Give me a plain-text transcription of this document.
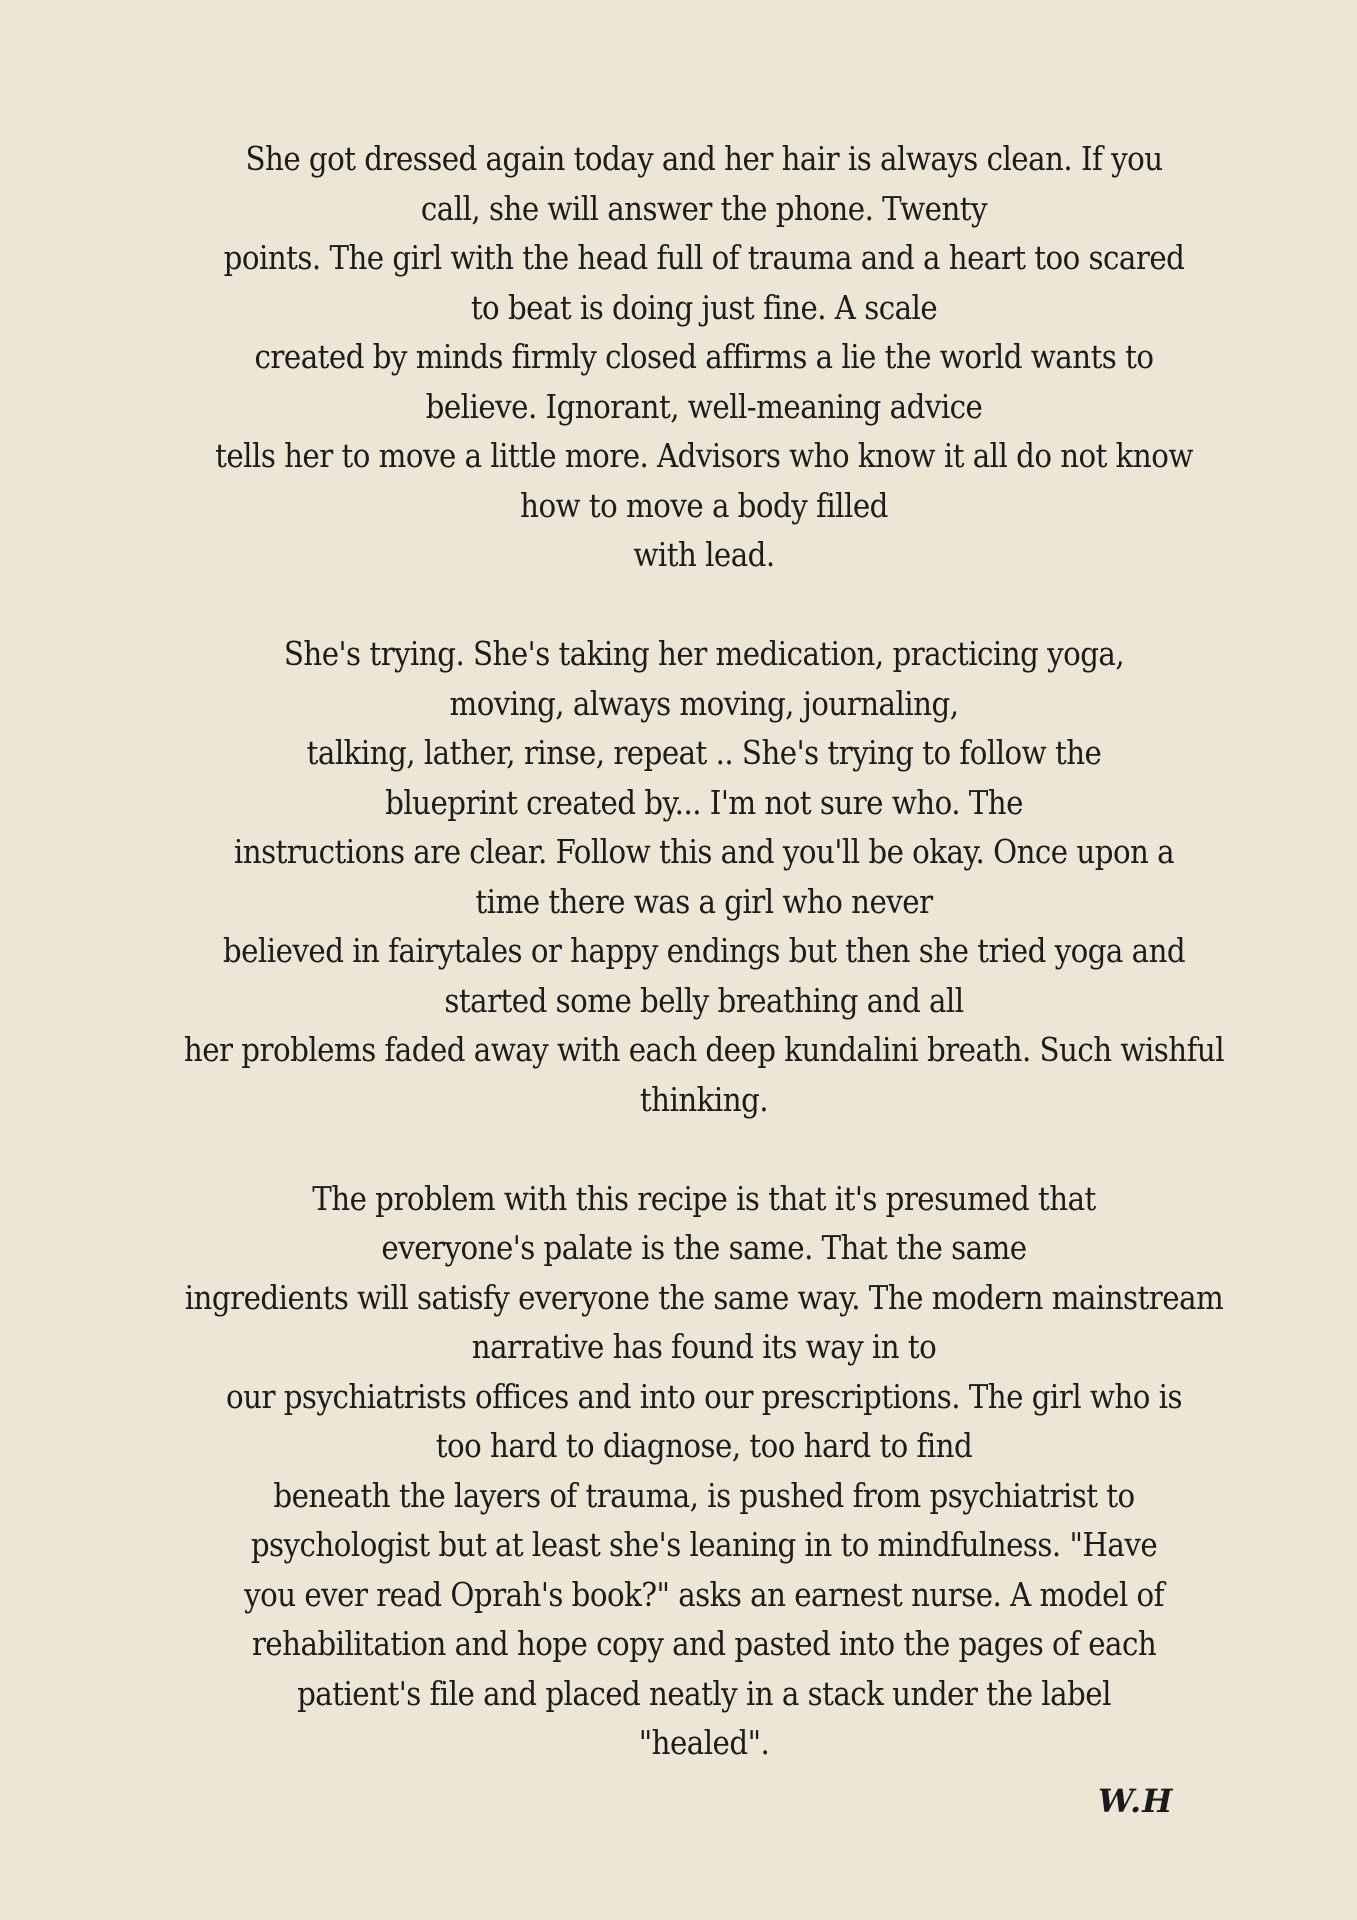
She got dressed again today and her hair is always clean. If you
call, she will answer the phone. Twenty
points. The girl with the head full of trauma and a heart too scared
to beat is doing just fine. A scale
created by minds firmly closed affirms a lie the world wants to
believe. Ignorant, well-meaning advice
tells her to move a little more. Advisors who know it all do not know
how to move a body filled
with lead.

She's trying. She's taking her medication, practicing yoga,
moving, always moving, journaling,
talking, lather, rinse, repeat .. She's trying to follow the
blueprint created by... I'm not sure who. The
instructions are clear. Follow this and you'll be okay. Once upon a
time there was a girl who never
believed in fairytales or happy endings but then she tried yoga and
started some belly breathing and all
her problems faded away with each deep kundalini breath. Such wishful
thinking.

The problem with this recipe is that it's presumed that
everyone's palate is the same. That the same
ingredients will satisfy everyone the same way. The modern mainstream
narrative has found its way in to
our psychiatrists offices and into our prescriptions. The girl who is
too hard to diagnose, too hard to find
beneath the layers of trauma, is pushed from psychiatrist to
psychologist but at least she's leaning in to mindfulness. "Have
you ever read Oprah's book?" asks an earnest nurse. A model of
rehabilitation and hope copy and pasted into the pages of each
patient's file and placed neatly in a stack under the label
"healed".

W.H
